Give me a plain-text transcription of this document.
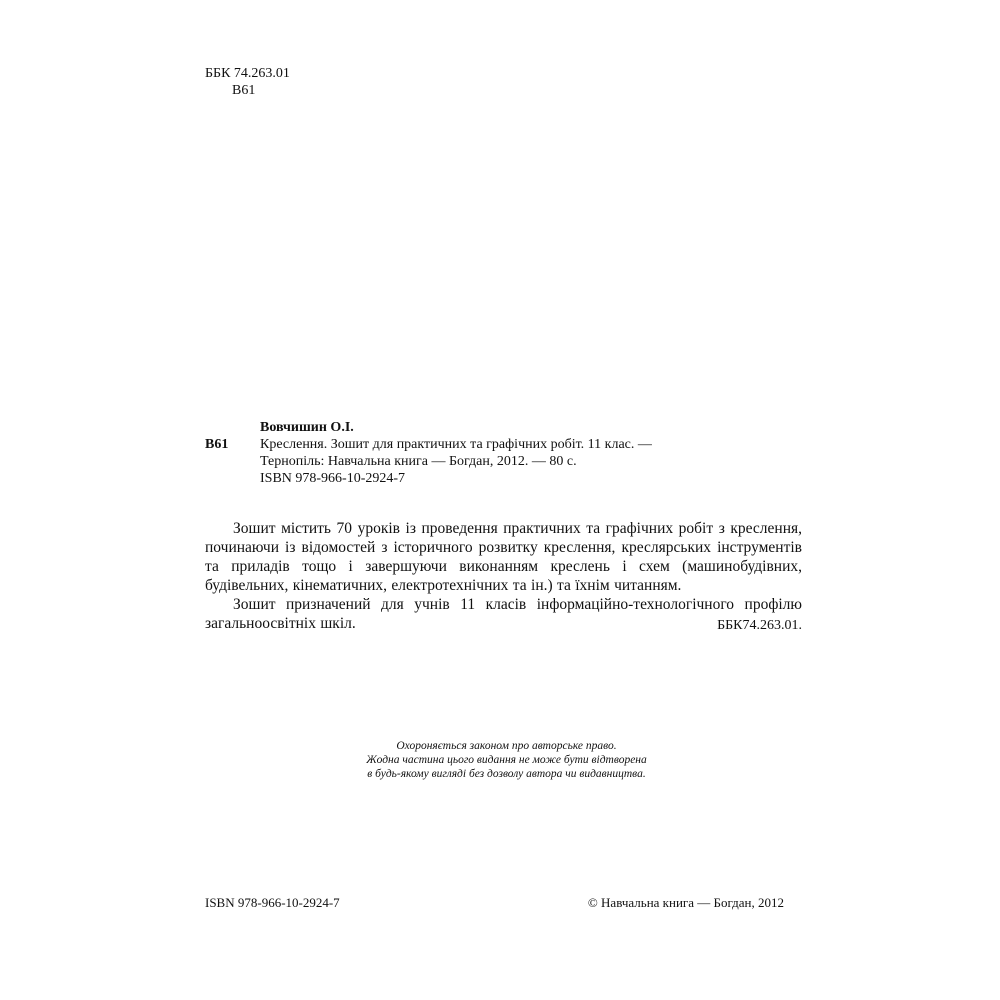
ББК 74.263.01
В61
Вовчишин О.І.
В61 Креслення. Зошит для практичних та графічних робіт. 11 клас. —
Тернопіль: Навчальна книга — Богдан, 2012. — 80 с.
ISBN 978-966-10-2924-7

Зошит містить 70 уроків із проведення практичних та графічних робіт з креслення, починаючи із відомостей з історичного розвитку креслення, креслярських інструментів та приладів тощо і завершуючи виконанням креслень і схем (машинобудівних, будівельних, кінематичних, електротехнічних та ін.) та їхнім читанням.

Зошит призначений для учнів 11 класів інформаційно-технологічного профілю загальноосвітніх шкіл.	ББК74.263.01.
Охороняється законом про авторське право.
Жодна частина цього видання не може бути відтворена
в будь-якому вигляді без дозволу автора чи видавництва.
ISBN 978-966-10-2924-7	© Навчальна книга — Богдан, 2012
